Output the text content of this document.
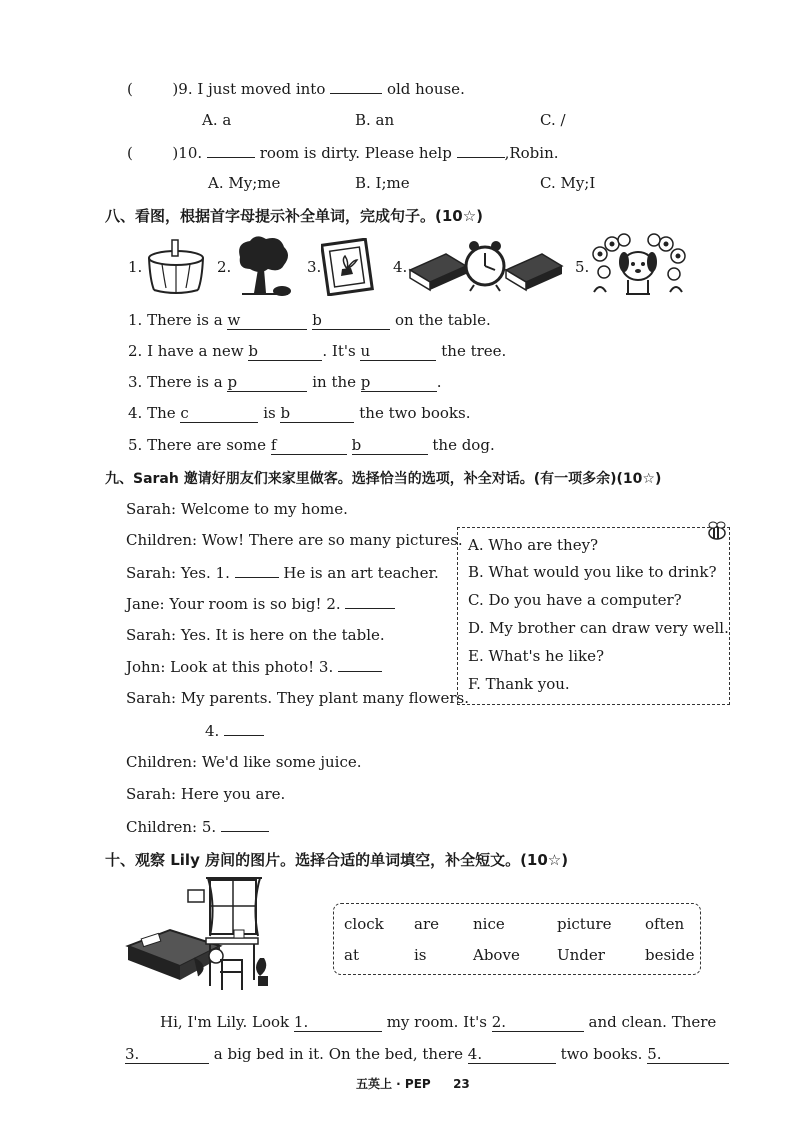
(	)9. I just moved into	old house.
A. a	B. an	C. /
(	)10.	room is dirty. Please help	,Robin.
A. My;me	B. I;me	C. My;I
八、看图，根据首字母提示补全单词，完成句子。(10☆)
1.	2.	3.	4.	5.
1. There is a w	b	on the table.
2. I have a new b	. It's u	the tree.
3. There is a p	in the p	.
4. The c	is b	the two books.
5. There are some f	b	the dog.
九、Sarah 邀请好朋友们来家里做客。选择恰当的选项，补全对话。(有一项多余)(10☆)
Sarah: Welcome to my home.
Children: Wow! There are so many pictures.
Sarah: Yes. 1.	He is an art teacher.
Jane: Your room is so big! 2.
Sarah: Yes. It is here on the table.
John: Look at this photo! 3.
Sarah: My parents. They plant many flowers.
4.
Children: We'd like some juice.
Sarah: Here you are.
Children: 5.
A. Who are they?
B. What would you like to drink?
C. Do you have a computer?
D. My brother can draw very well.
E. What's he like?
F. Thank you.
十、观察 Lily 房间的图片。选择合适的单词填空，补全短文。(10☆)
clock are nice	picture often
at	is	Above Under	beside
Hi, I'm Lily. Look 1.	my room. It's 2.	and clean. There
3.	a big bed in it. On the bed, there 4.	two books. 5.
五英上 · PEP 23
